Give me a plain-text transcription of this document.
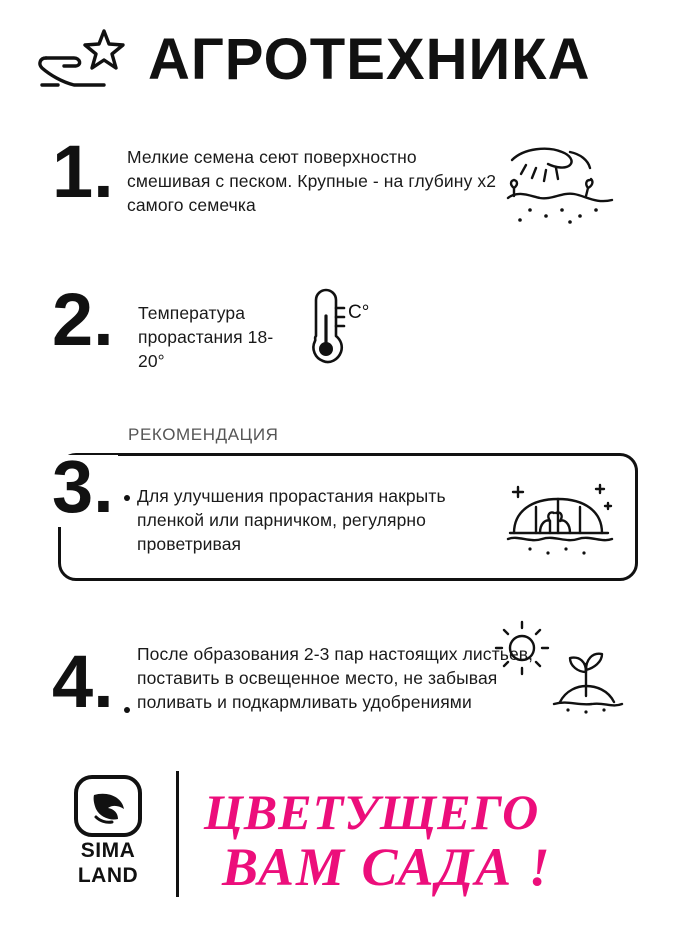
АГРОТЕХНИКА
1. Мелкие семена сеют поверхностно смешивая с песком. Крупные - на глубину х2 самого семечка
2. Температура прорастания 18-20°
C°
РЕКОМЕНДАЦИЯ
3. Для улучшения прорастания накрыть пленкой или парничком, регулярно проветривая
4. После образования 2-3 пар настоящих листьев, поставить в освещенное место, не забывая поливать и подкармливать удобрениями
SIMA
LAND
ЦВЕТУЩЕГО
ВАМ САДА !
